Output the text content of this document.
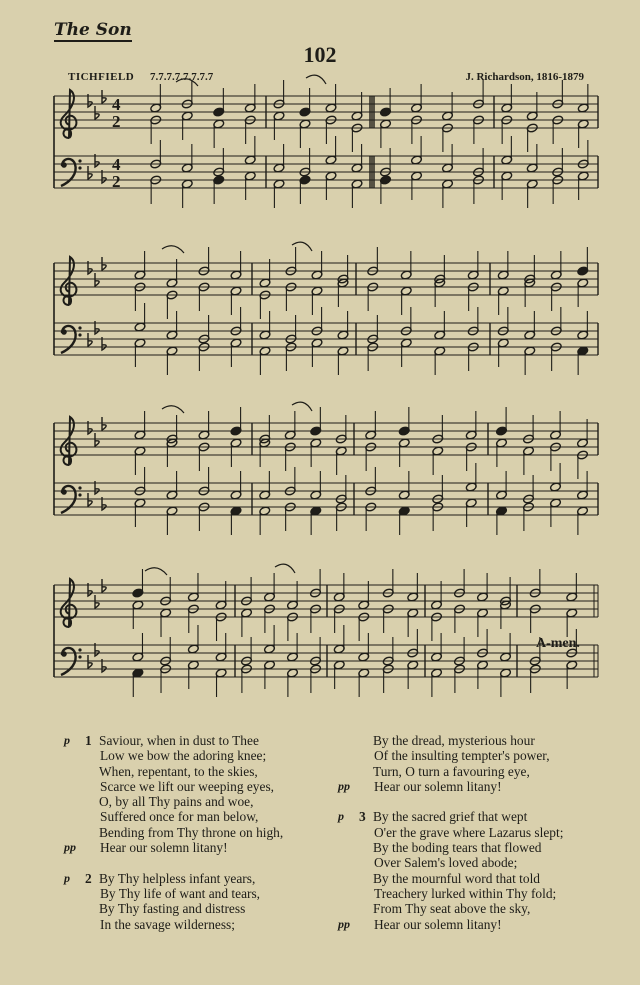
The Son
102
TICHFIELD 7.7.7.7.7.7.7.7	J. Richardson, 1816-1879
4
2
4
2
A-men.
p	1 Saviour, when in dust to Thee
Low we bow the adoring knee;
When, repentant, to the skies,
Scarce we lift our weeping eyes,
O, by all Thy pains and woe,
Suffered once for man below,
Bending from Thy throne on high,
pp	Hear our solemn litany!
p	2 By Thy helpless infant years,
By Thy life of want and tears,
By Thy fasting and distress
In the savage wilderness;
By the dread, mysterious hour
Of the insulting tempter's power,
Turn, O turn a favouring eye,
pp	Hear our solemn litany!
p	3 By the sacred grief that wept
O'er the grave where Lazarus slept;
By the boding tears that flowed
Over Salem's loved abode;
By the mournful word that told
Treachery lurked within Thy fold;
From Thy seat above the sky,
pp	Hear our solemn litany!
